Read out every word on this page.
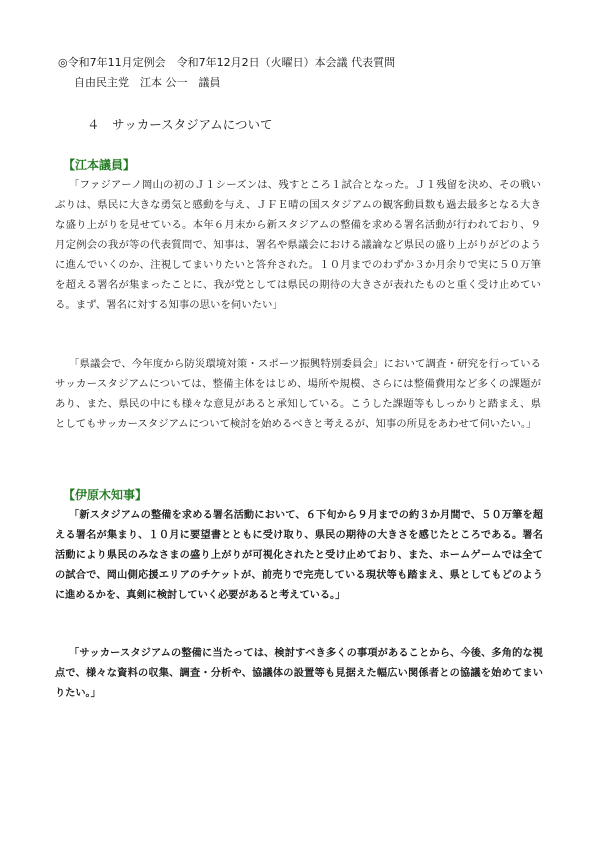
◎令和7年11月定例会　令和7年12月2日（火曜日）本会議 代表質問
自由民主党　江本 公一　議員
４　サッカースタジアムについて
【江本議員】
「ファジアーノ岡山の初のＪ１シーズンは、残すところ１試合となった。Ｊ１残留を決め、その戦いぶりは、県民に大きな勇気と感動を与え、ＪＦＥ晴の国スタジアムの観客動員数も過去最多となる大きな盛り上がりを見せている。本年６月末から新スタジアムの整備を求める署名活動が行われており、９月定例会の我が等の代表質問で、知事は、署名や県議会における議論など県民の盛り上がりがどのように進んでいくのか、注視してまいりたいと答弁された。１０月までのわずか３か月余りで実に５０万筆を超える署名が集まったことに、我が党としては県民の期待の大きさが表れたものと重く受け止めている。まず、署名に対する知事の思いを伺いたい」
「県議会で、今年度から防災環境対策・スポーツ振興特別委員会」において調査・研究を行っているサッカースタジアムについては、整備主体をはじめ、場所や規模、さらには整備費用など多くの課題があり、また、県民の中にも様々な意見があると承知している。こうした課題等もしっかりと踏まえ、県としてもサッカースタジアムについて検討を始めるべきと考えるが、知事の所見をあわせて伺いたい。」
【伊原木知事】
「新スタジアムの整備を求める署名活動において、６下旬から９月までの約３か月間で、５０万筆を超える署名が集まり、１０月に要望書とともに受け取り、県民の期待の大きさを感じたところである。署名活動により県民のみなさまの盛り上がりが可視化されたと受け止めており、また、ホームゲームでは全ての試合で、岡山側応援エリアのチケットが、前売りで完売している現状等も踏まえ、県としてもどのように進めるかを、真剣に検討していく必要があると考えている。」
「サッカースタジアムの整備に当たっては、検討すべき多くの事項があることから、今後、多角的な視点で、様々な資料の収集、調査・分析や、協議体の設置等も見据えた幅広い関係者との協議を始めてまいりたい。」
